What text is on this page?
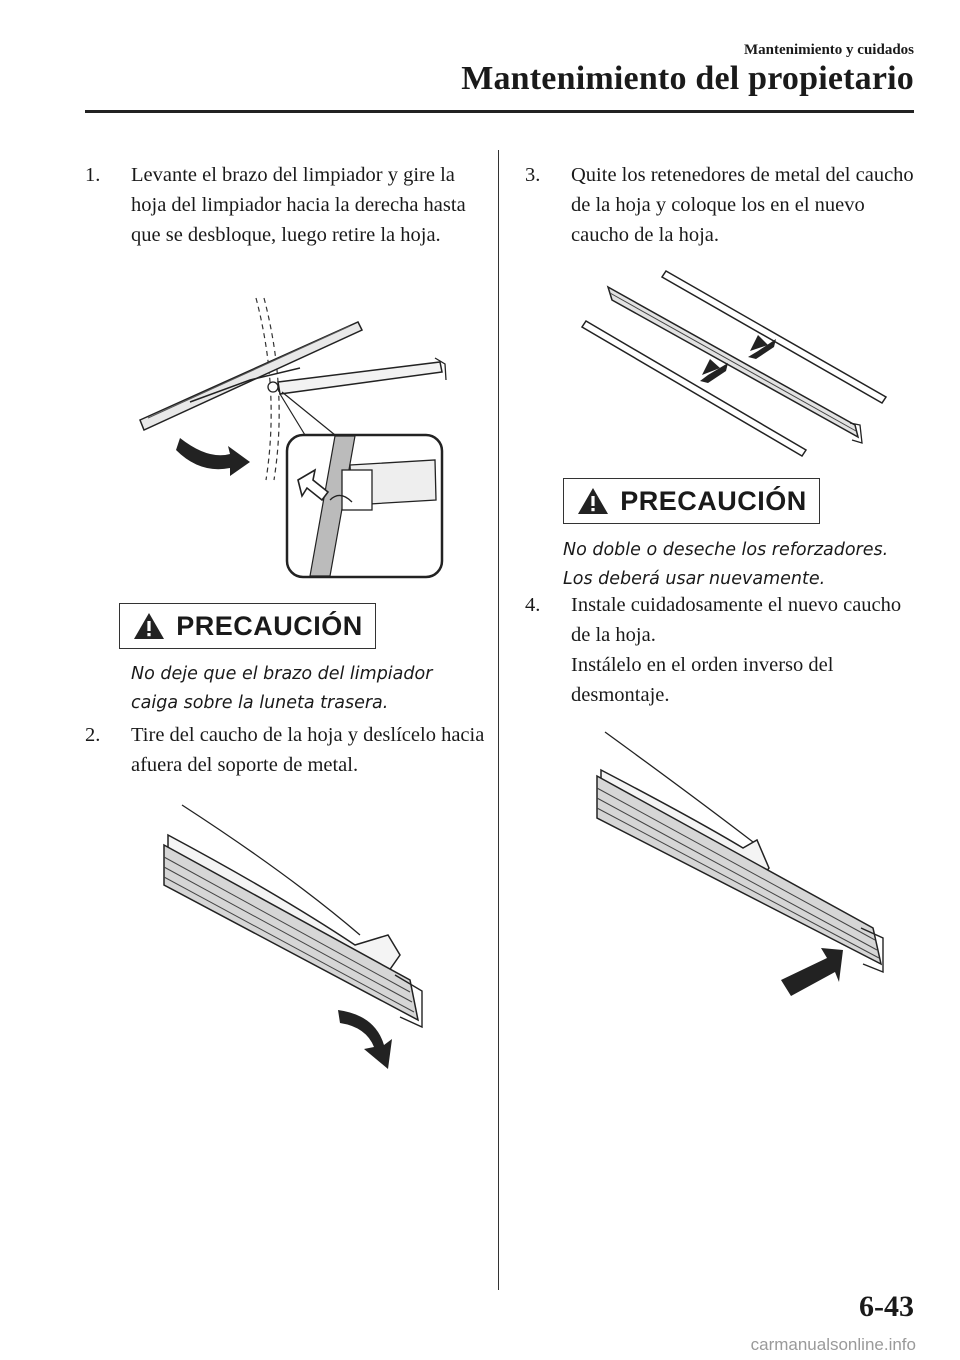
Mantenimiento y cuidados
Mantenimiento del propietario
1.	Levante el brazo del limpiador y gire la hoja del limpiador hacia la derecha hasta que se desbloque, luego retire la hoja.
PRECAUCIÓN
No deje que el brazo del limpiador
caiga sobre la luneta trasera.
2.	Tire del caucho de la hoja y deslícelo hacia afuera del soporte de metal.
3.	Quite los retenedores de metal del caucho de la hoja y coloque los en el nuevo caucho de la hoja.
PRECAUCIÓN
No doble o deseche los reforzadores.
Los deberá usar nuevamente.
4.	Instale cuidadosamente el nuevo caucho de la hoja.
Instálelo en el orden inverso del desmontaje.
6-43
carmanualsonline.info
